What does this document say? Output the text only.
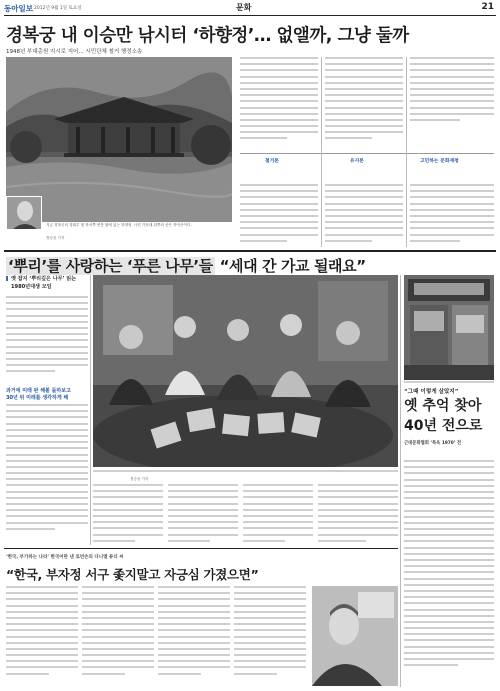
동아일보 2012년 9월 1일 토요일	문화	21
경복궁 내 이승만 낚시터 ‘하향정’… 없앨까, 그냥 둘까
1948년 부대총원 지시로 지어… 시민단체 철거 행정소송
지금 경복궁의 경회루 옆 북서쪽 연못 옆에 있는 하향정. 사진 가운데 뒤쪽의 산은 북악산이다.
정승윤 기자
철거론	유지론	고민하는 문화재청
‘뿌리’를 사랑하는 ‘푸른 나무’들 “세대 간 가교 될래요”
옛 잡지 ‘뿌리깊은 나무’ 읽는
1980년대생 모임
과거에 미래 완 해볼 돌하보고
30년 뒤 미래를 생각하게 해
정승윤 기자
“그때 이렇게 살았지”
옛 추억 찾아
40년 전으로
근대문화협회 ‘특옥 1970’ 전
‘한국, 부가하는 나라’ 한국어판 낸 로빈손의 다니엘 튜더 씨
“한국, 부자정 서구 좇지말고 자긍심 가졌으면”
